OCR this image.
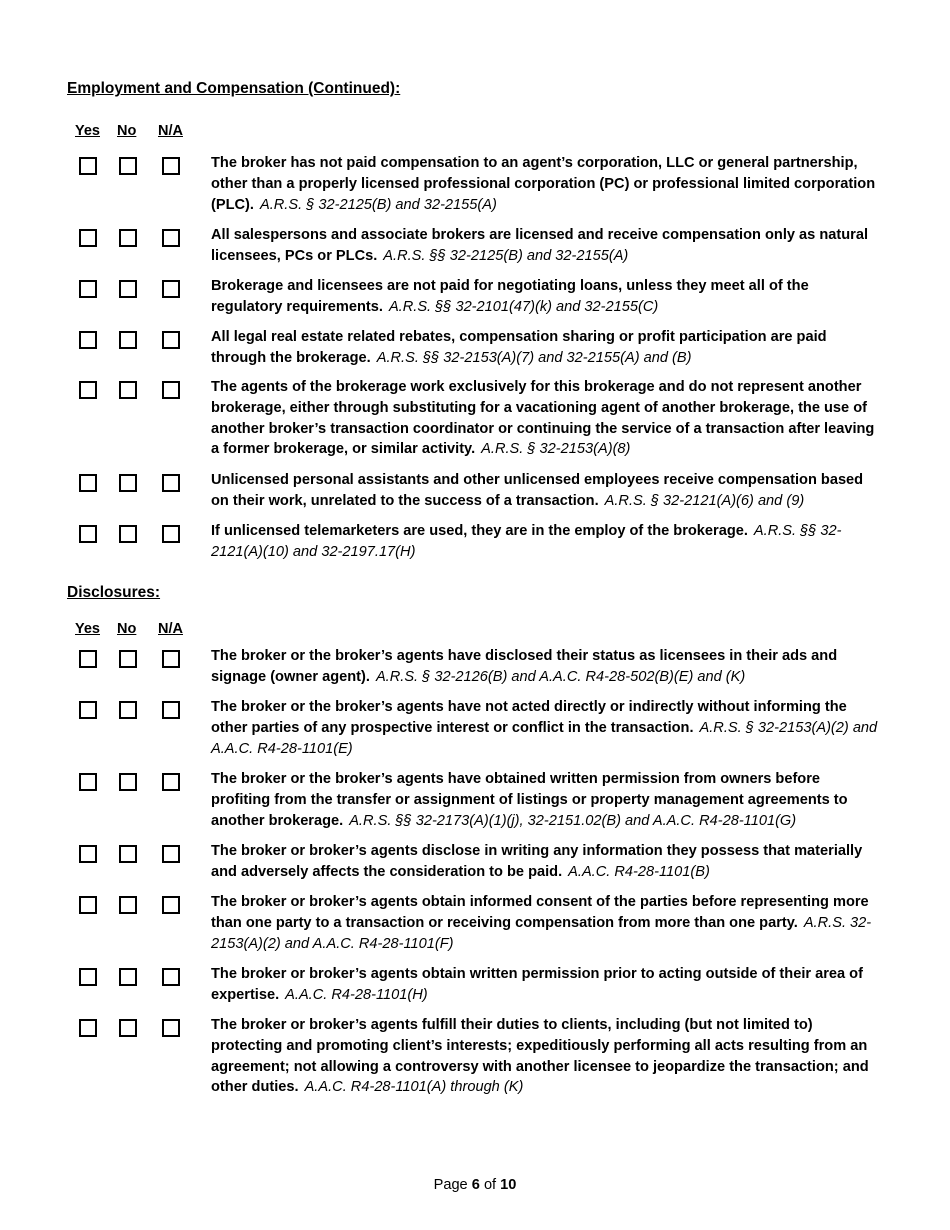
Employment and Compensation (Continued):

Yes No N/A
The broker has not paid compensation to an agent’s corporation, LLC or general partnership, other than a properly licensed professional corporation (PC) or professional limited corporation (PLC). A.R.S. § 32-2125(B) and 32-2155(A)
All salespersons and associate brokers are licensed and receive compensation only as natural licensees, PCs or PLCs. A.R.S. §§ 32-2125(B) and 32-2155(A)
Brokerage and licensees are not paid for negotiating loans, unless they meet all of the regulatory requirements. A.R.S. §§ 32-2101(47)(k) and 32-2155(C)
All legal real estate related rebates, compensation sharing or profit participation are paid through the brokerage. A.R.S. §§ 32-2153(A)(7) and 32-2155(A) and (B)
The agents of the brokerage work exclusively for this brokerage and do not represent another brokerage, either through substituting for a vacationing agent of another brokerage, the use of another broker’s transaction coordinator or continuing the service of a transaction after leaving a former brokerage, or similar activity. A.R.S. § 32-2153(A)(8)
Unlicensed personal assistants and other unlicensed employees receive compensation based on their work, unrelated to the success of a transaction. A.R.S. § 32-2121(A)(6) and (9)
If unlicensed telemarketers are used, they are in the employ of the brokerage. A.R.S. §§ 32-2121(A)(10) and 32-2197.17(H)

Disclosures:

Yes No N/A
The broker or the broker’s agents have disclosed their status as licensees in their ads and signage (owner agent). A.R.S. § 32-2126(B) and A.A.C. R4-28-502(B)(E) and (K)
The broker or the broker’s agents have not acted directly or indirectly without informing the other parties of any prospective interest or conflict in the transaction. A.R.S. § 32-2153(A)(2) and A.A.C. R4-28-1101(E)
The broker or the broker’s agents have obtained written permission from owners before profiting from the transfer or assignment of listings or property management agreements to another brokerage. A.R.S. §§ 32-2173(A)(1)(j), 32-2151.02(B) and A.A.C. R4-28-1101(G)
The broker or broker’s agents disclose in writing any information they possess that materially and adversely affects the consideration to be paid. A.A.C. R4-28-1101(B)
The broker or broker’s agents obtain informed consent of the parties before representing more than one party to a transaction or receiving compensation from more than one party. A.R.S. 32-2153(A)(2) and A.A.C. R4-28-1101(F)
The broker or broker’s agents obtain written permission prior to acting outside of their area of expertise. A.A.C. R4-28-1101(H)
The broker or broker’s agents fulfill their duties to clients, including (but not limited to) protecting and promoting client’s interests; expeditiously performing all acts resulting from an agreement; not allowing a controversy with another licensee to jeopardize the transaction; and other duties. A.A.C. R4-28-1101(A) through (K)
Page 6 of 10
